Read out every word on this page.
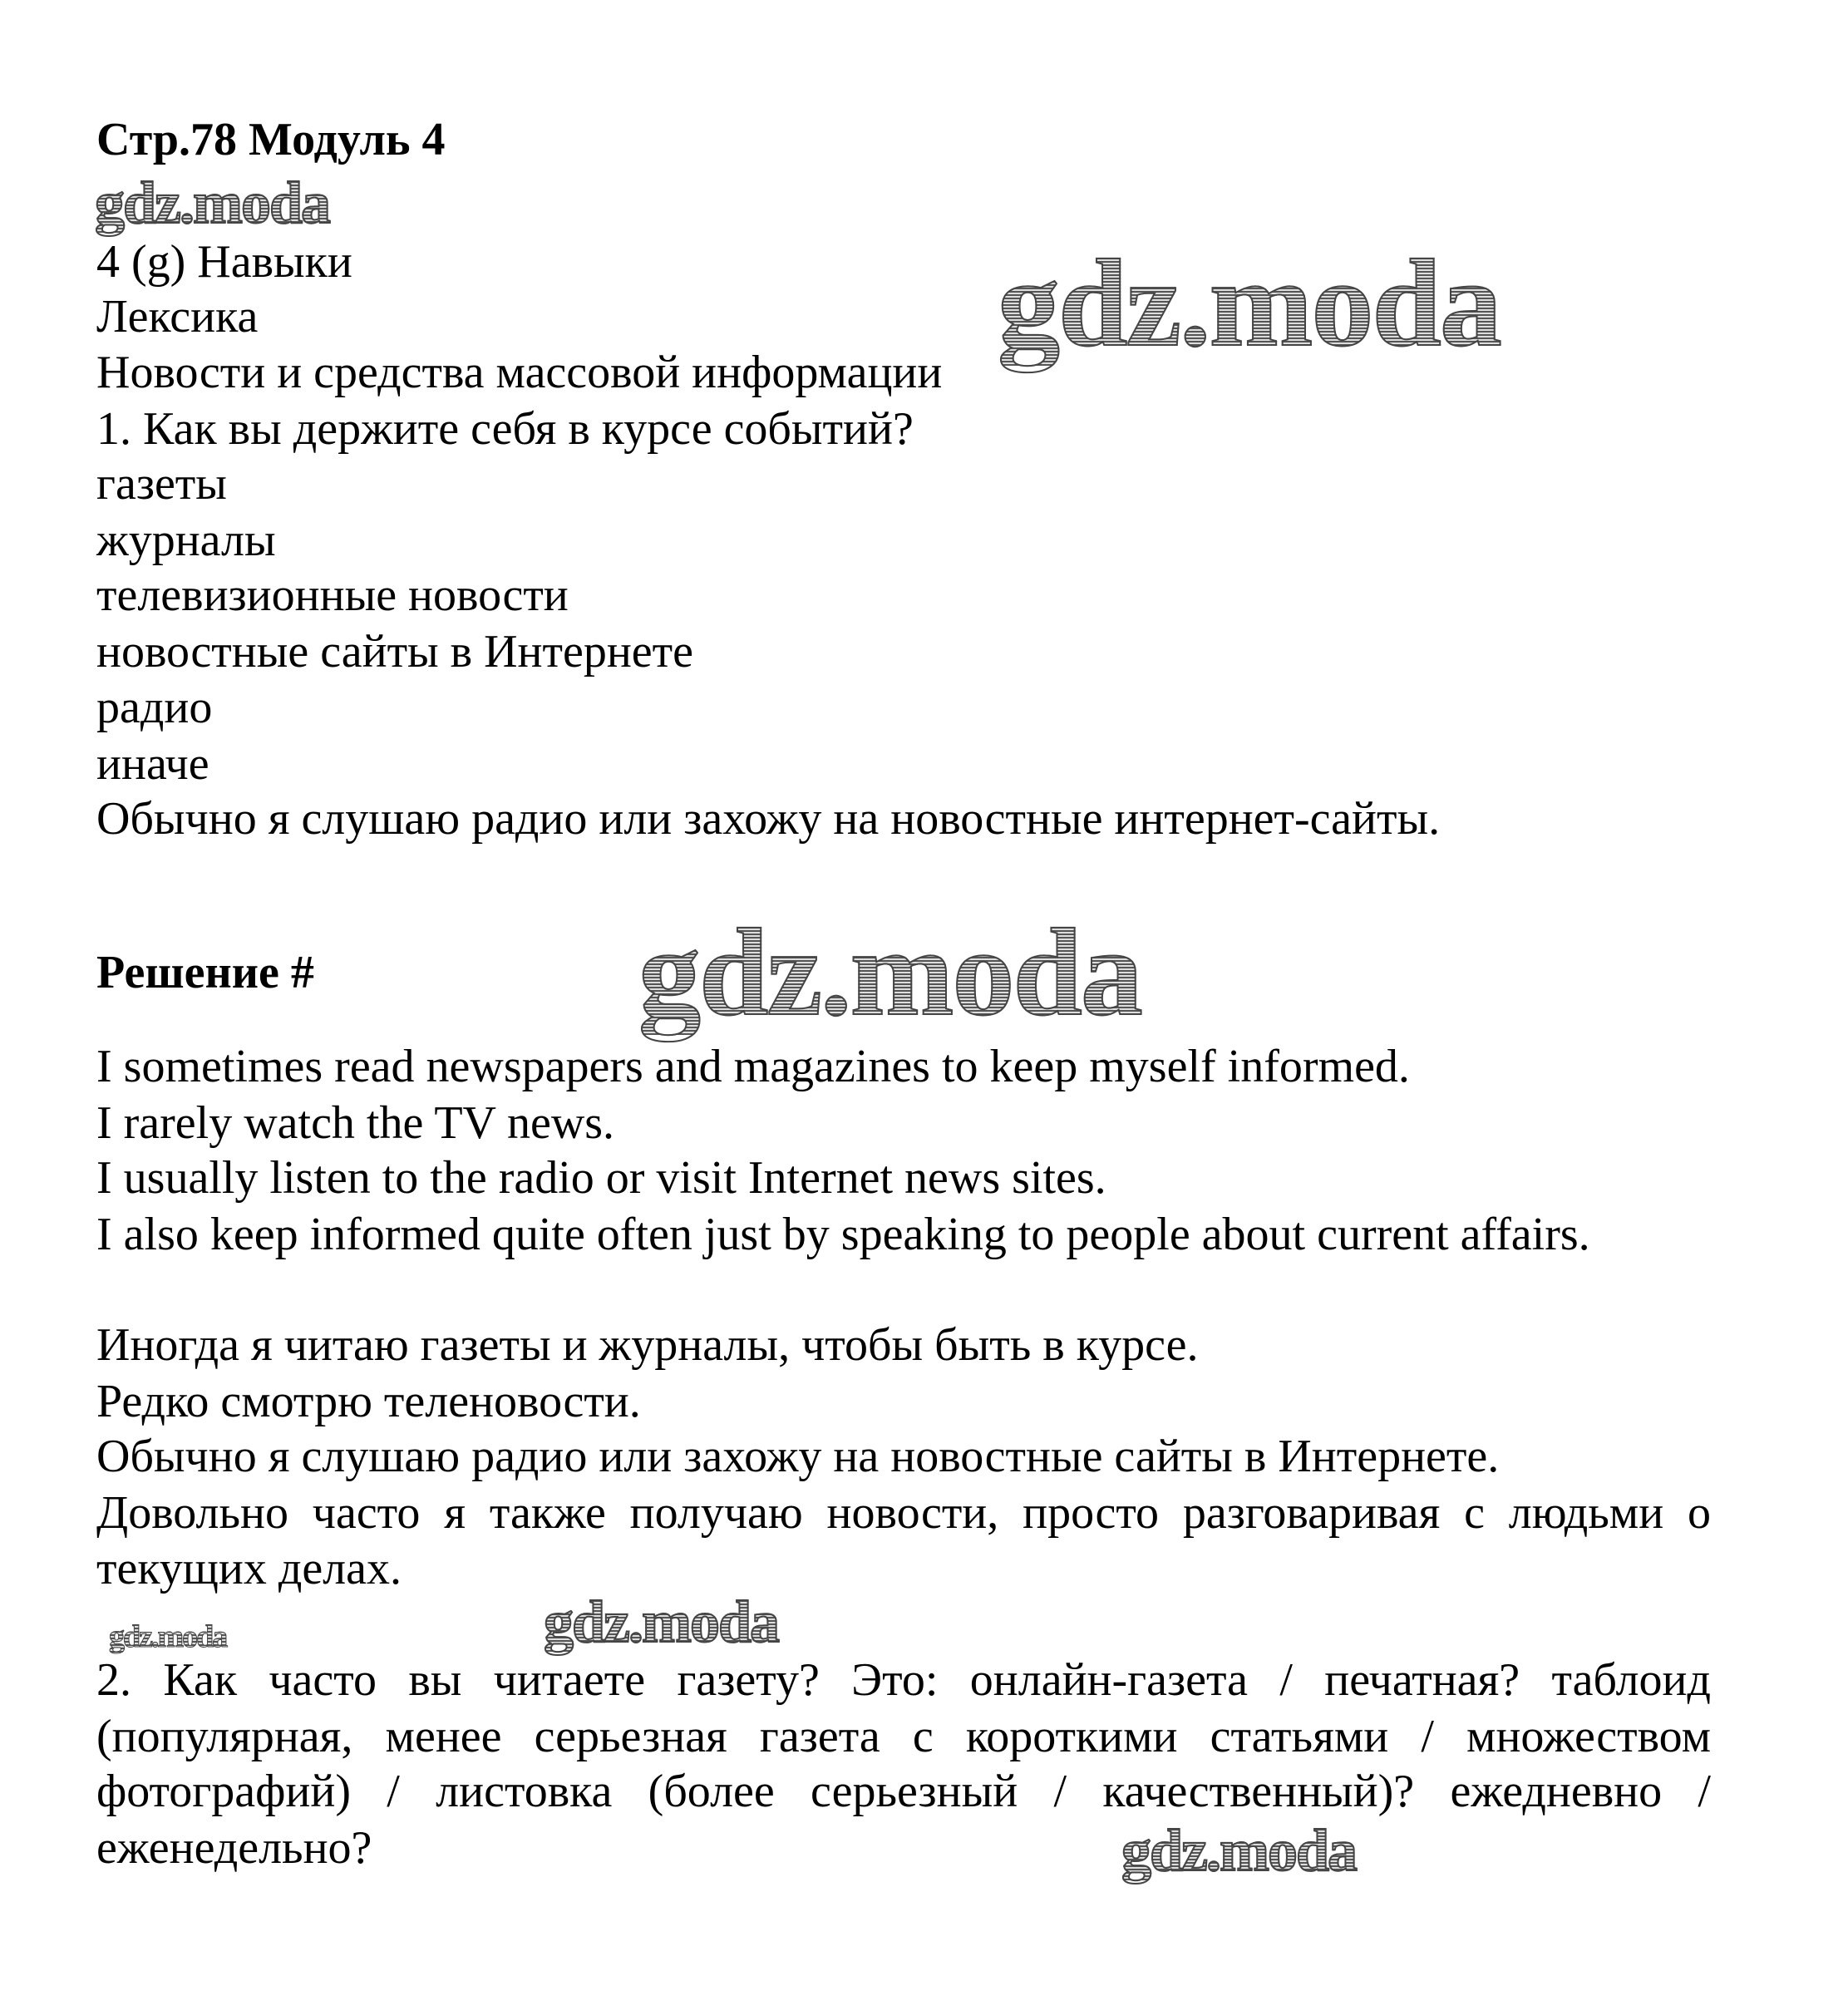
Стр.78 Модуль 4
4 (g) Навыки
Лексика
Новости и средства массовой информации
1. Как вы держите себя в курсе событий?
газеты
журналы
телевизионные новости
новостные сайты в Интернете
радио
иначе
Обычно я слушаю радио или захожу на новостные интернет-сайты.
Решение #
I sometimes read newspapers and magazines to keep myself informed.
I rarely watch the TV news.
I usually listen to the radio or visit Internet news sites.
I also keep informed quite often just by speaking to people about current affairs.
Иногда я читаю газеты и журналы, чтобы быть в курсе.
Редко смотрю теленовости.
Обычно я слушаю радио или захожу на новостные сайты в Интернете.
Довольно часто я также получаю новости, просто разговаривая с людьми о
текущих делах.
2. Как часто вы читаете газету? Это: онлайн-газета / печатная? таблоид
(популярная, менее серьезная газета с короткими статьями / множеством
фотографий) / листовка (более серьезный / качественный)? ежедневно /
еженедельно?
gdz.moda
gdz.moda
gdz.moda
gdz.moda	gdz.moda
gdz.moda
